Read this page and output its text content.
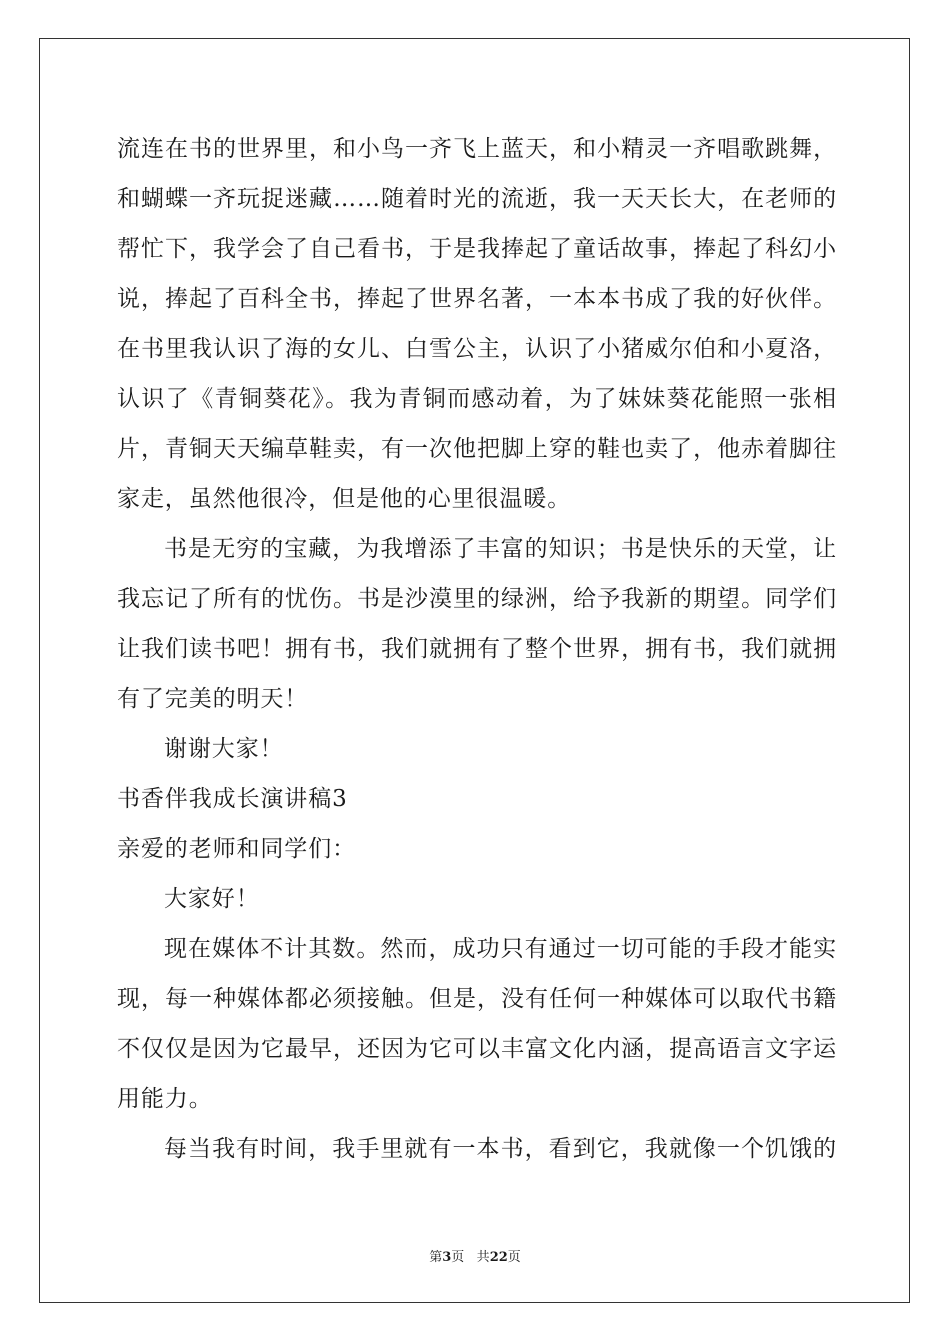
流连在书的世界里，和小鸟一齐飞上蓝天，和小精灵一齐唱歌跳舞，
和蝴蝶一齐玩捉迷藏……随着时光的流逝，我一天天长大，在老师的
帮忙下，我学会了自己看书，于是我捧起了童话故事，捧起了科幻小
说，捧起了百科全书，捧起了世界名著，一本本书成了我的好伙伴。
在书里我认识了海的女儿、白雪公主，认识了小猪威尔伯和小夏洛，
认识了《青铜葵花》。我为青铜而感动着，为了妹妹葵花能照一张相
片，青铜天天编草鞋卖，有一次他把脚上穿的鞋也卖了，他赤着脚往
家走，虽然他很冷，但是他的心里很温暖。
书是无穷的宝藏，为我增添了丰富的知识；书是快乐的天堂，让
我忘记了所有的忧伤。书是沙漠里的绿洲，给予我新的期望。同学们
让我们读书吧！拥有书，我们就拥有了整个世界，拥有书，我们就拥
有了完美的明天！
谢谢大家！
书香伴我成长演讲稿3
亲爱的老师和同学们：
大家好！
现在媒体不计其数。然而，成功只有通过一切可能的手段才能实
现，每一种媒体都必须接触。但是，没有任何一种媒体可以取代书籍
不仅仅是因为它最早，还因为它可以丰富文化内涵，提高语言文字运
用能力。
每当我有时间，我手里就有一本书，看到它，我就像一个饥饿的
第3页 共22页
